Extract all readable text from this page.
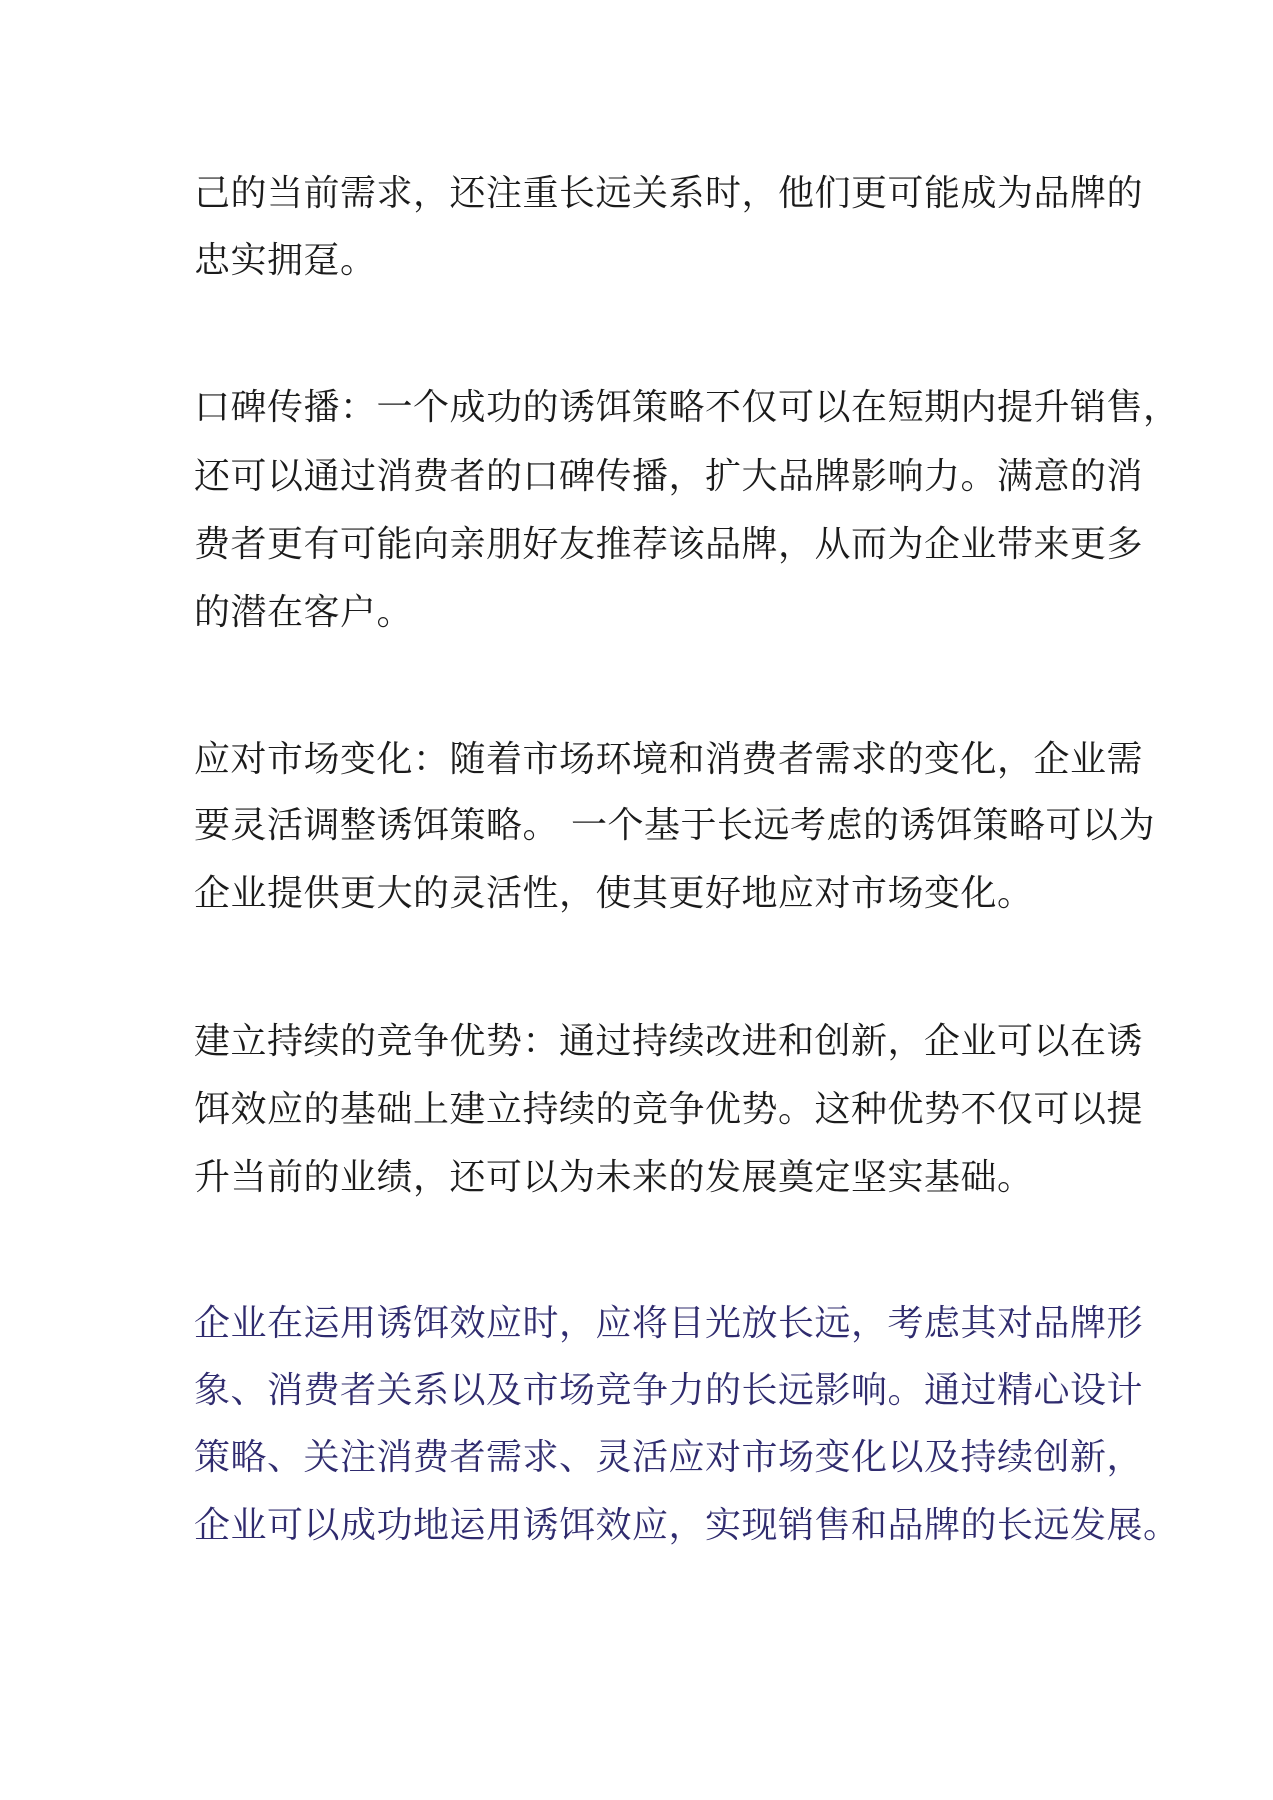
己的当前需求，还注重长远关系时，他们更可能成为品牌的
忠实拥趸。
口碑传播：一个成功的诱饵策略不仅可以在短期内提升销售，
还可以通过消费者的口碑传播，扩大品牌影响力。满意的消
费者更有可能向亲朋好友推荐该品牌，从而为企业带来更多
的潜在客户。
应对市场变化：随着市场环境和消费者需求的变化，企业需
要灵活调整诱饵策略。 一个基于长远考虑的诱饵策略可以为
企业提供更大的灵活性，使其更好地应对市场变化。
建立持续的竞争优势：通过持续改进和创新，企业可以在诱
饵效应的基础上建立持续的竞争优势。这种优势不仅可以提
升当前的业绩，还可以为未来的发展奠定坚实基础。
企业在运用诱饵效应时，应将目光放长远，考虑其对品牌形
象、消费者关系以及市场竞争力的长远影响。通过精心设计
策略、关注消费者需求、灵活应对市场变化以及持续创新，
企业可以成功地运用诱饵效应，实现销售和品牌的长远发展。
